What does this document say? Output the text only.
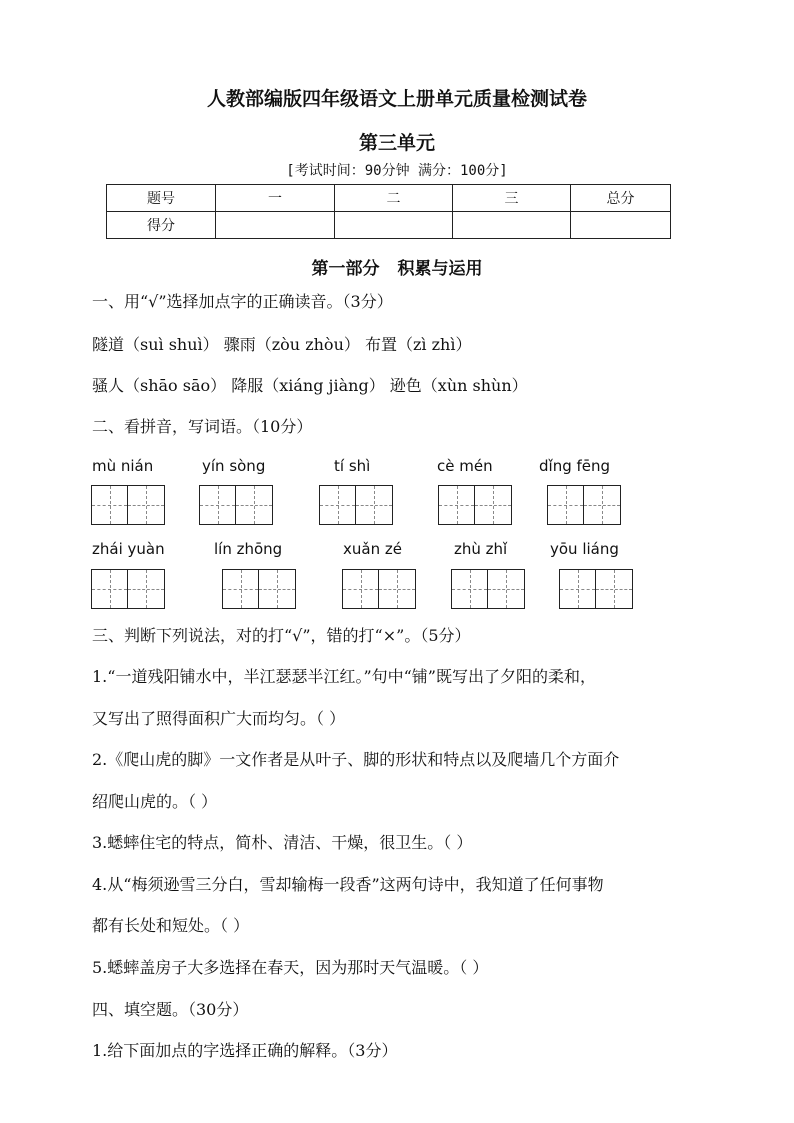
人教部编版四年级语文上册单元质量检测试卷
第三单元
[考试时间：90分钟 满分：100分]
题号	一	二	三	总分
得分				
第一部分 积累与运用
一、用“√”选择加点字的正确读音。（3分）
隧道（suì shuì） 骤雨（zòu zhòu） 布置（zì zhì）
骚人（shāo sāo） 降服（xiáng jiàng） 逊色（xùn shùn）
二、看拼音，写词语。（10分）
mù nián	yín sòng	tí shì	cè mén	dǐng fēng
zhái yuàn	lín zhōng	xuǎn zé	zhù zhǐ	yōu liáng
三、判断下列说法，对的打“√”，错的打“×”。（5分）
1.“一道残阳铺水中，半江瑟瑟半江红。”句中“铺”既写出了夕阳的柔和，
又写出了照得面积广大而均匀。（ ）
2.《爬山虎的脚》一文作者是从叶子、脚的形状和特点以及爬墙几个方面介
绍爬山虎的。（ ）
3.蟋蟀住宅的特点，简朴、清洁、干燥，很卫生。（ ）
4.从“梅须逊雪三分白，雪却输梅一段香”这两句诗中，我知道了任何事物
都有长处和短处。（ ）
5.蟋蟀盖房子大多选择在春天，因为那时天气温暖。（ ）
四、填空题。（30分）
1.给下面加点的字选择正确的解释。（3分）
